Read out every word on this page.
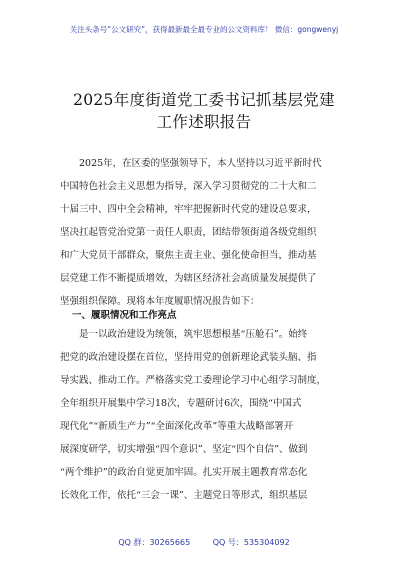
关注头条号“公文研究”，获得最新最全最专业的公文资料库！ 微信：gongwenyj
2025年度街道党工委书记抓基层党建
工作述职报告
2025年，在区委的坚强领导下，本人坚持以习近平新时代
中国特色社会主义思想为指导，深入学习贯彻党的二十大和二
十届三中、四中全会精神，牢牢把握新时代党的建设总要求，
坚决扛起管党治党第一责任人职责，团结带领街道各级党组织
和广大党员干部群众，聚焦主责主业、强化使命担当，推动基
层党建工作不断提质增效，为辖区经济社会高质量发展提供了
坚强组织保障。现将本年度履职情况报告如下：
一、履职情况和工作亮点
是一以政治建设为统领，筑牢思想根基“压舱石”。始终
把党的政治建设摆在首位，坚持用党的创新理论武装头脑、指
导实践、推动工作。严格落实党工委理论学习中心组学习制度，
全年组织开展集中学习18次，专题研讨6次，围绕“中国式
现代化”“新质生产力”“全面深化改革”等重大战略部署开
展深度研学，切实增强“四个意识”、坚定“四个自信”、做到
“两个维护”的政治自觉更加牢固。扎实开展主题教育常态化
长效化工作，依托“三会一课”、主题党日等形式，组织基层
QQ 群：30265665	QQ 号：535304092
